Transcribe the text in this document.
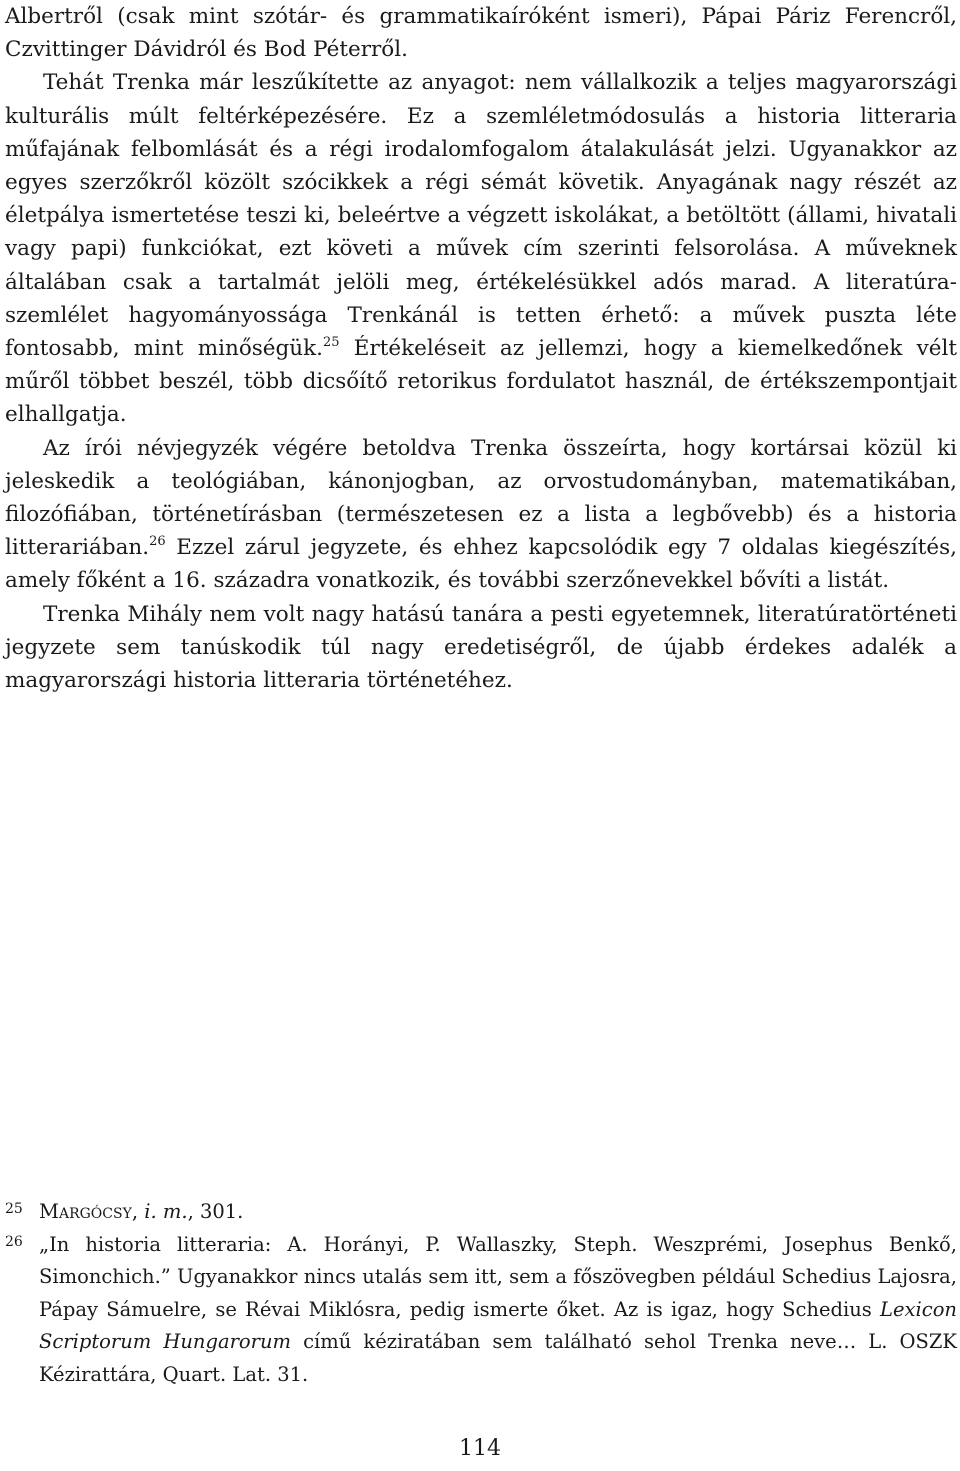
Albertről (csak mint szótár- és grammatikaíróként ismeri), Pápai Páriz Ferencről, Czvittinger Dávidról és Bod Péterről.

Tehát Trenka már leszűkítette az anyagot: nem vállalkozik a teljes magyarországi kulturális múlt feltérképezésére. Ez a szemléletmódosulás a historia litteraria műfajának felbomlását és a régi irodalomfogalom átalakulását jelzi. Ugyanakkor az egyes szerzőkről közölt szócikkek a régi sémát követik. Anyagának nagy részét az életpálya ismertetése teszi ki, beleértve a végzett iskolákat, a betöltött (állami, hivatali vagy papi) funkciókat, ezt követi a művek cím szerinti felsorolása. A műveknek általában csak a tartalmát jelöli meg, értékelésükkel adós marad. A literatúra-szemlélet hagyományossága Trenkánál is tetten érhető: a művek puszta léte fontosabb, mint minőségük.$^{25}$ Értékeléseit az jellemzi, hogy a kiemelkedőnek vélt műről többet beszél, több dicsőítő retorikus fordulatot használ, de értékszempontjait elhallgatja.

Az írói névjegyzék végére betoldva Trenka összeírta, hogy kortársai közül ki jeleskedik a teológiában, kánonjogban, az orvostudományban, matematikában, filozófiában, történetírásban (természetesen ez a lista a legbővebb) és a historia litterariában.$^{26}$ Ezzel zárul jegyzete, és ehhez kapcsolódik egy 7 oldalas kiegészítés, amely főként a 16. századra vonatkozik, és további szerzőnevekkel bővíti a listát.

Trenka Mihály nem volt nagy hatású tanára a pesti egyetemnek, literatúratörténeti jegyzete sem tanúskodik túl nagy eredetiségről, de újabb érdekes adalék a magyarországi historia litteraria történetéhez.

25 Margócsy, i. m., 301.
26 „In historia litteraria: A. Horányi, P. Wallaszky, Steph. Weszprémi, Josephus Benkő, Simonchich.” Ugyanakkor nincs utalás sem itt, sem a főszövegben például Schedius Lajosra, Pápay Sámuelre, se Révai Miklósra, pedig ismerte őket. Az is igaz, hogy Schedius Lexicon Scriptorum Hungarorum című kéziratában sem található sehol Trenka neve… L. OSZK Kézirattára, Quart. Lat. 31.
114
